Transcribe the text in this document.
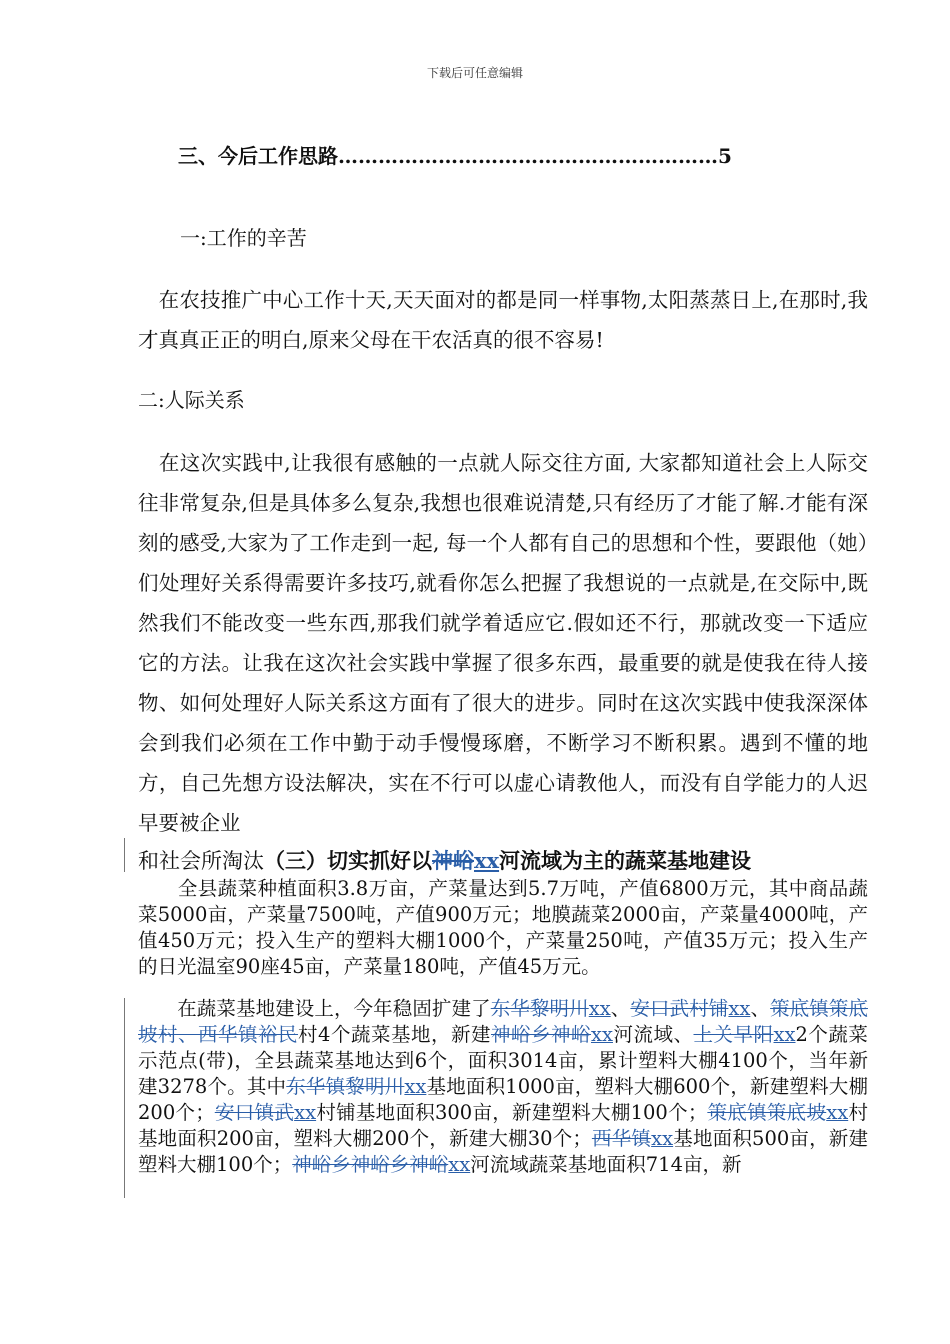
下载后可任意编辑
三、今后工作思路…………………………………………………5
一:工作的辛苦
　在农技推广中心工作十天,天天面对的都是同一样事物,太阳蒸蒸日上,在那时,我才真真正正的明白,原来父母在干农活真的很不容易!
二:人际关系
　在这次实践中,让我很有感触的一点就人际交往方面, 大家都知道社会上人际交往非常复杂,但是具体多么复杂,我想也很难说清楚,只有经历了才能了解.才能有深刻的感受,大家为了工作走到一起, 每一个人都有自己的思想和个性，要跟他（她）们处理好关系得需要许多技巧,就看你怎么把握了我想说的一点就是,在交际中,既然我们不能改变一些东西,那我们就学着适应它.假如还不行，那就改变一下适应它的方法。让我在这次社会实践中掌握了很多东西，最重要的就是使我在待人接物、如何处理好人际关系这方面有了很大的进步。同时在这次实践中使我深深体会到我们必须在工作中勤于动手慢慢琢磨，不断学习不断积累。遇到不懂的地方，自己先想方设法解决，实在不行可以虚心请教他人，而没有自学能力的人迟早要被企业
和社会所淘汰（三）切实抓好以神峪xx河流域为主的蔬菜基地建设
　　全县蔬菜种植面积3.8万亩，产菜量达到5.7万吨，产值6800万元，其中商品蔬菜5000亩，产菜量7500吨，产值900万元；地膜蔬菜2000亩，产菜量4000吨，产值450万元；投入生产的塑料大棚1000个，产菜量250吨，产值35万元；投入生产的日光温室90座45亩，产菜量180吨，产值45万元。
　　在蔬菜基地建设上，今年稳固扩建了东华黎明川xx、安口武村铺xx、策底镇策底坡村、西华镇裕民村4个蔬菜基地，新建神峪乡神峪xx河流域、上关早阳xx2个蔬菜示范点(带)，全县蔬菜基地达到6个，面积3014亩，累计塑料大棚4100个，当年新建3278个。其中东华镇黎明川xx基地面积1000亩，塑料大棚600个，新建塑料大棚200个；安口镇武xx村铺基地面积300亩，新建塑料大棚100个；策底镇策底坡xx村基地面积200亩，塑料大棚200个，新建大棚30个；西华镇xx基地面积500亩，新建塑料大棚100个；神峪乡神峪乡神峪xx河流域蔬菜基地面积714亩，新
